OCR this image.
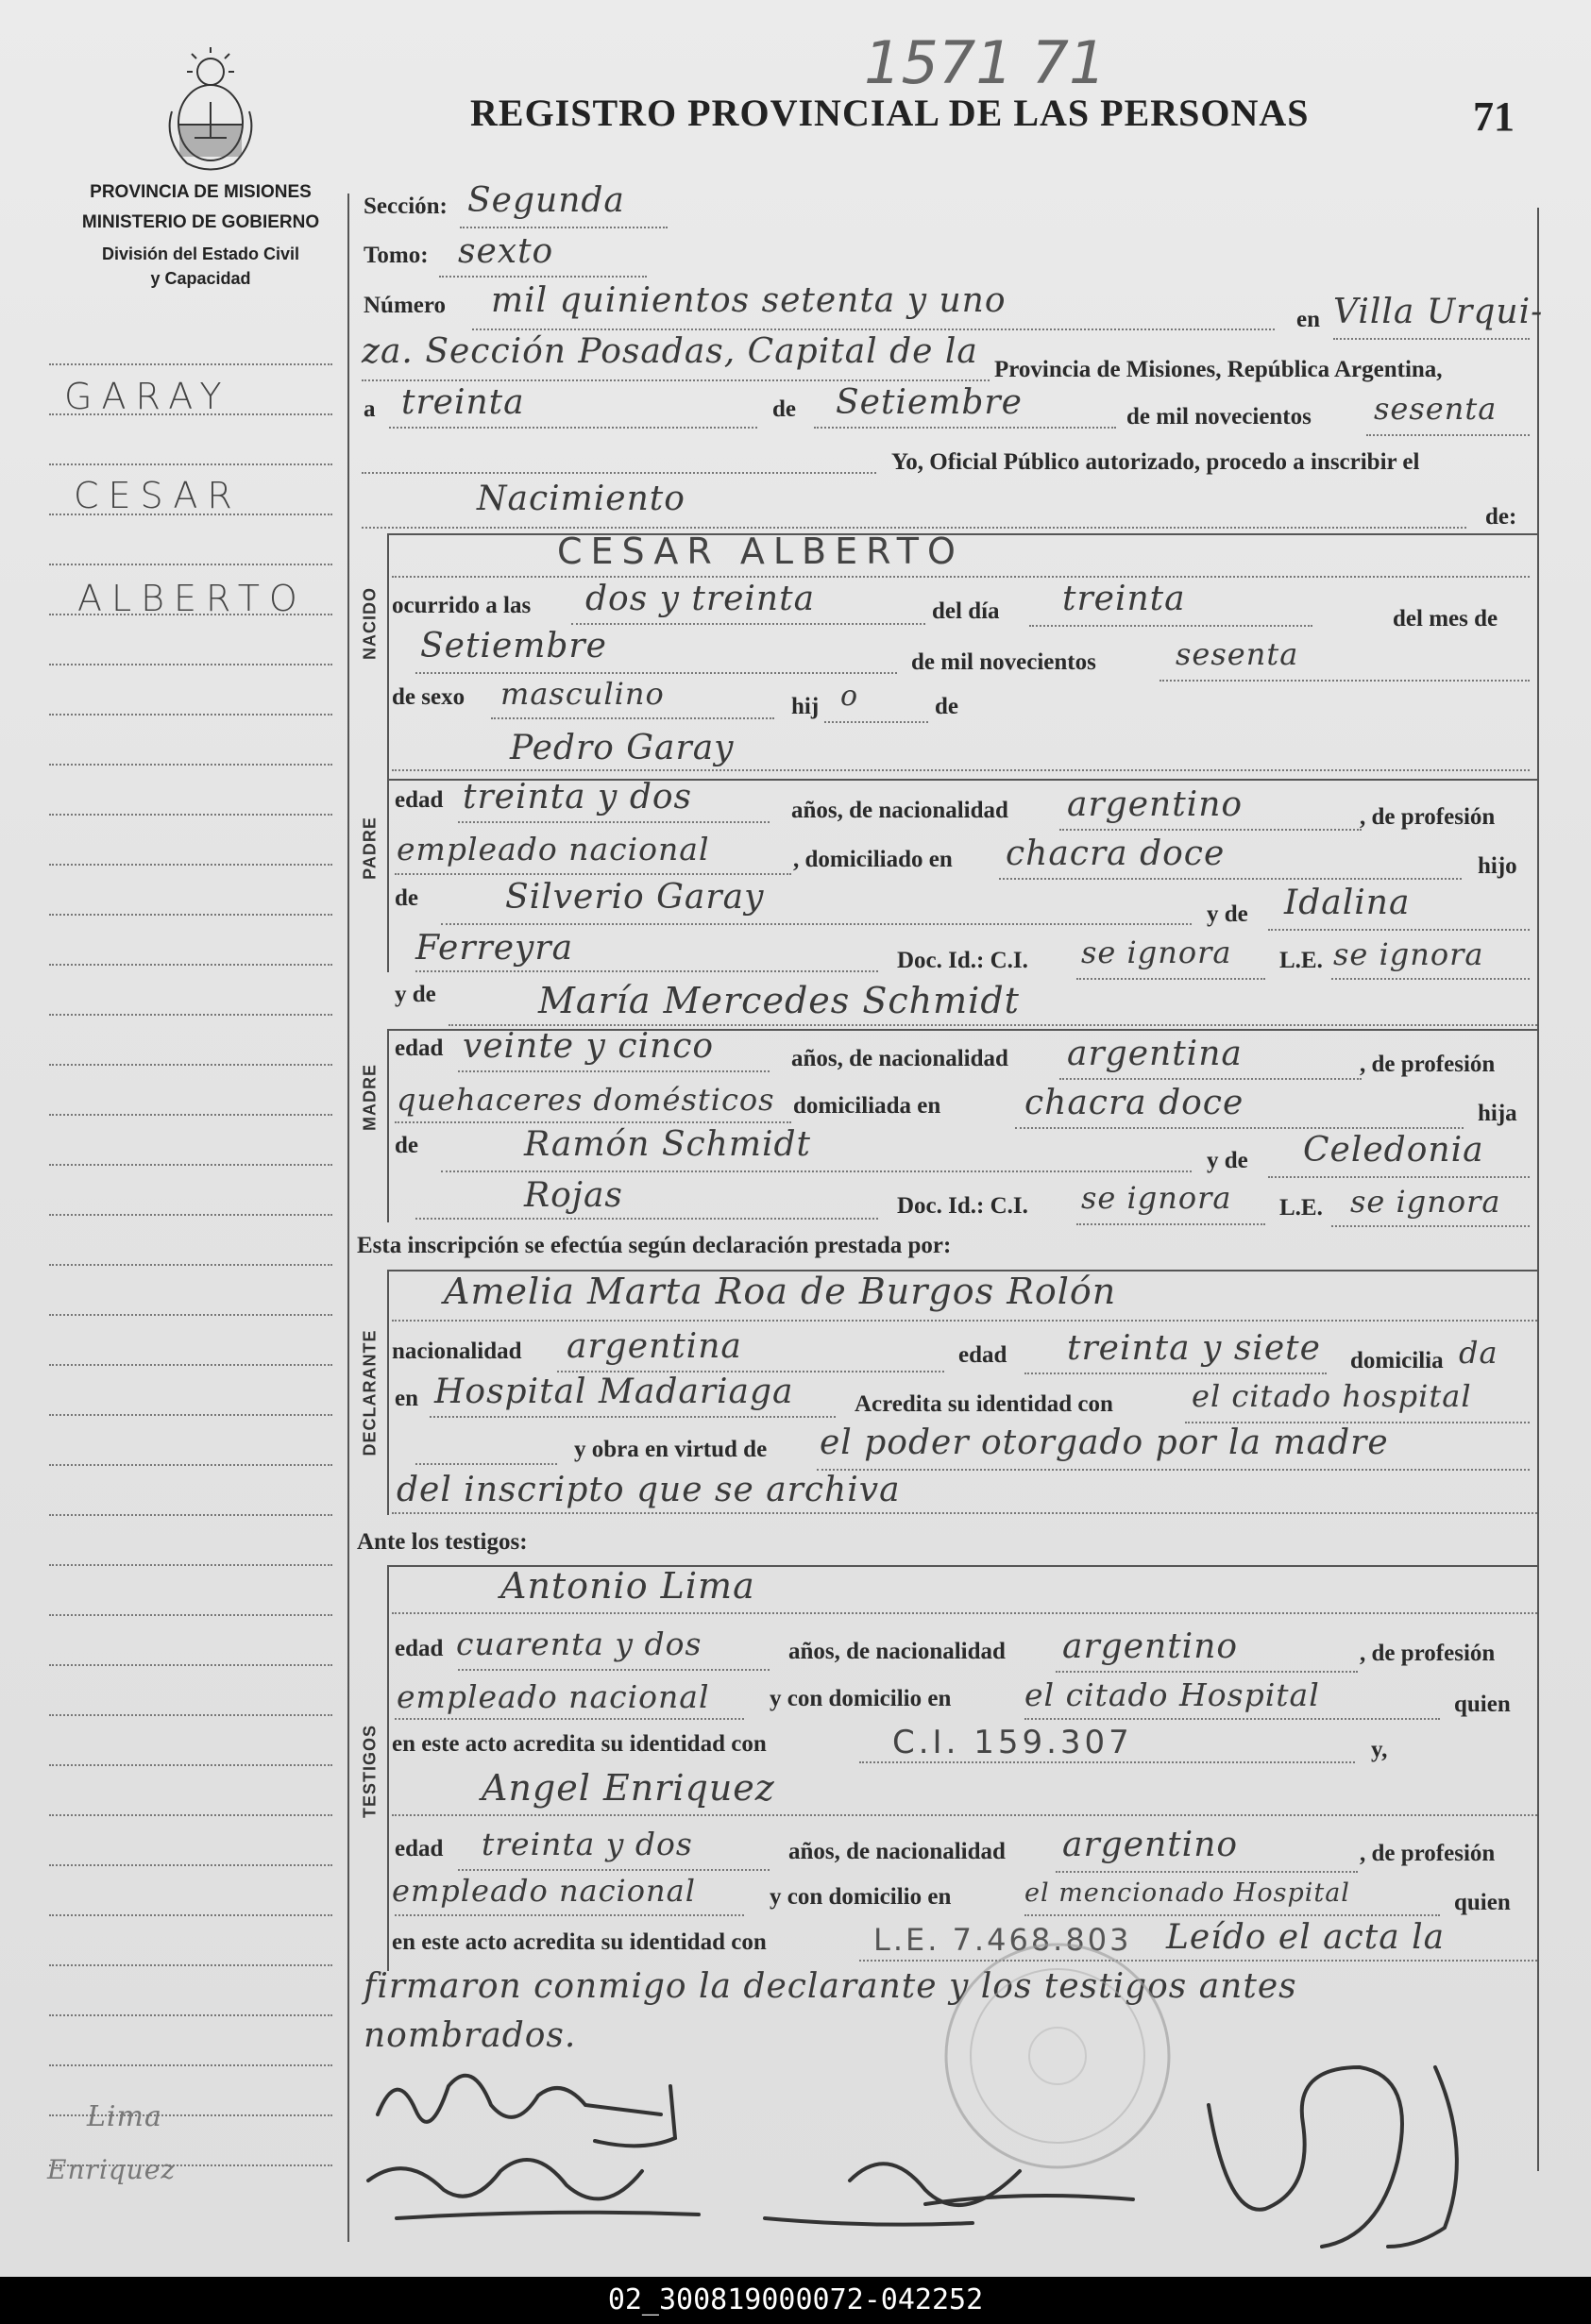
PROVINCIA DE MISIONES
MINISTERIO DE GOBIERNO
División del Estado Civil
y Capacidad
1571 71
REGISTRO PROVINCIAL DE LAS PERSONAS	71
GARAY
CESAR
ALBERTO
Lima
Enriquez
Sección: Segunda
Tomo: sexto
Número mil quinientos setenta y uno	en Villa Urqui-
za. Sección Posadas, Capital de la Provincia de Misiones, República Argentina,
a treinta	de Setiembre	de mil novecientos sesenta
Yo, Oficial Público autorizado, procedo a inscribir el
Nacimiento	de:
NACIDO
CESAR ALBERTO
ocurrido a las dos y treinta	del día treinta
del mes de
Setiembre	de mil novecientos	sesenta
de sexo masculino	hij o	de
Pedro Garay
PADRE
edad treinta y dos	años, de nacionalidad argentino	, de profesión
empleado nacional	, domiciliado en chacra doce	hijo
de	Silverio Garay	y de Idalina
Ferreyra	Doc. Id.: C.I. se ignora L.E. se ignora
y de	María Mercedes Schmidt
MADRE
edad veinte y cinco	años, de nacionalidad argentina	, de profesión
quehaceres domésticos domiciliada en chacra doce	hija
de	Ramón Schmidt	y de Celedonia
Rojas	Doc. Id.: C.I. se ignora L.E. se ignora
Esta inscripción se efectúa según declaración prestada por:
DECLARANTE
Amelia Marta Roa de Burgos Rolón
nacionalidad argentina	edad treinta y siete domicilia da
en Hospital Madariaga	Acredita su identidad con	el citado hospital
y obra en virtud de el poder otorgado por la madre
del inscripto que se archiva
Ante los testigos:
TESTIGOS
Antonio Lima
edad cuarenta y dos	años, de nacionalidad argentino	, de profesión
empleado nacional	y con domicilio en el citado Hospital	quien
en este acto acredita su identidad con	C.I. 159.307	y,
Angel Enriquez
edad treinta y dos	años, de nacionalidad argentino	, de profesión
empleado nacional	y con domicilio en	el mencionado Hospital	quien
en este acto acredita su identidad con	L.E. 7.468.803 Leído el acta la
firmaron conmigo la declarante y los testigos antes
nombrados.
02_300819000072-042252
